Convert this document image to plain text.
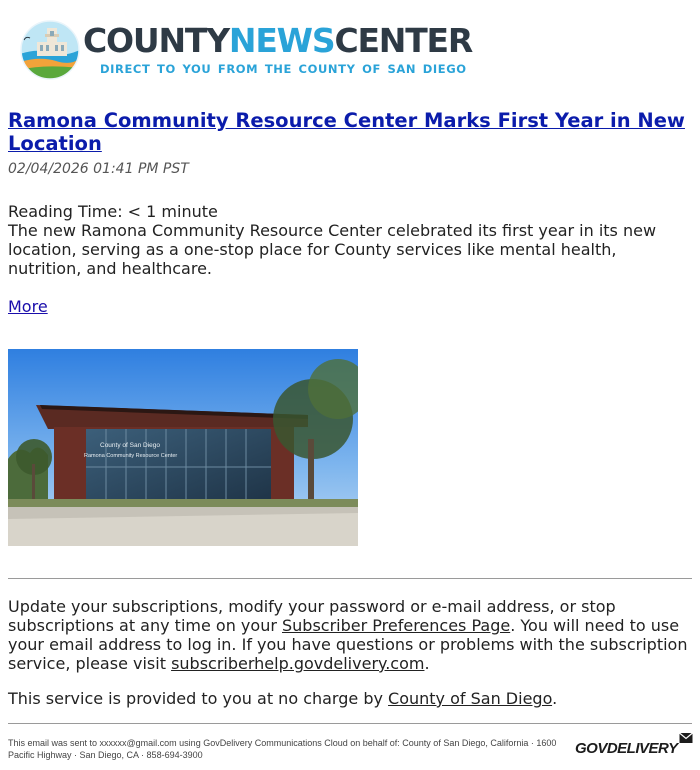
COUNTYNEWSCENTER
DIRECT TO YOU FROM THE COUNTY OF SAN DIEGO
Ramona Community Resource Center Marks First Year in New Location
02/04/2026 01:41 PM PST
Reading Time: < 1 minute

The new Ramona Community Resource Center celebrated its first year in its new location, serving as a one-stop place for County services like mental health, nutrition, and healthcare.

More
County of San Diego
Ramona Community Resource Center

Update your subscriptions, modify your password or e-mail address, or stop subscriptions at any time on your Subscriber Preferences Page. You will need to use your email address to log in. If you have questions or problems with the subscription service, please visit subscriberhelp.govdelivery.com.

This service is provided to you at no charge by County of San Diego.

This email was sent to xxxxxx@gmail.com using GovDelivery Communications Cloud on behalf of: County of San Diego, California · 1600 Pacific Highway · San Diego, CA · 858-694-3900	GOVDELIVERY
